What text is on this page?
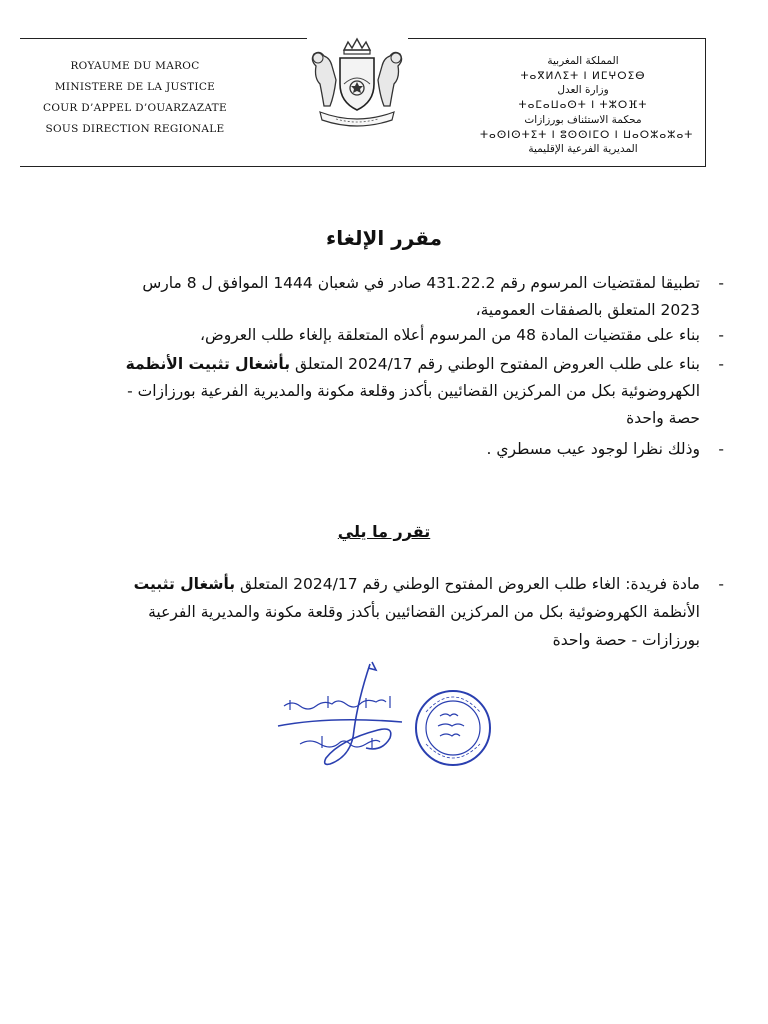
ROYAUME DU MAROC
MINISTERE DE LA JUSTICE
COUR D’APPEL D’OUARZAZATE
SOUS DIRECTION REGIONALE
المملكة المغربية
ⵜⴰⴳⵍⴷⵉⵜ ⵏ ⵍⵎⵖⵔⵉⴱ
وزارة العدل
ⵜⴰⵎⴰⵡⴰⵙⵜ ⵏ ⵜⵣⵔⴼⵜ
محكمة الاستئناف بورزازات
ⵜⴰⵙⵏⵙⵜⵉⵜ ⵏ ⵓⵙⵙⵏⵎⵔ ⵏ ⵡⴰⵔⵣⴰⵣⴰⵜ
المديرية الفرعية الإقليمية
مقرر الإلغاء
-
تطبيقا لمقتضيات المرسوم رقم 431.22.2 صادر في شعبان 1444 الموافق ل 8 مارس
2023 المتعلق بالصفقات العمومية،
-
بناء على مقتضيات المادة 48 من المرسوم أعلاه المتعلقة بإلغاء طلب العروض،
-
بناء على طلب العروض المفتوح الوطني رقم 2024/17 المتعلق بأشغال تثبيت الأنظمة
الكهروضوئية بكل من المركزين القضائيين بأكدز وقلعة مكونة والمديرية الفرعية بورزازات -
حصة واحدة
-
وذلك نظرا لوجود عيب مسطري .
تقرر ما يلي
-
مادة فريدة: الغاء طلب العروض المفتوح الوطني رقم 2024/17 المتعلق بأشغال تثبيت
الأنظمة الكهروضوئية بكل من المركزين القضائيين بأكدز وقلعة مكونة والمديرية الفرعية
بورزازات - حصة واحدة
